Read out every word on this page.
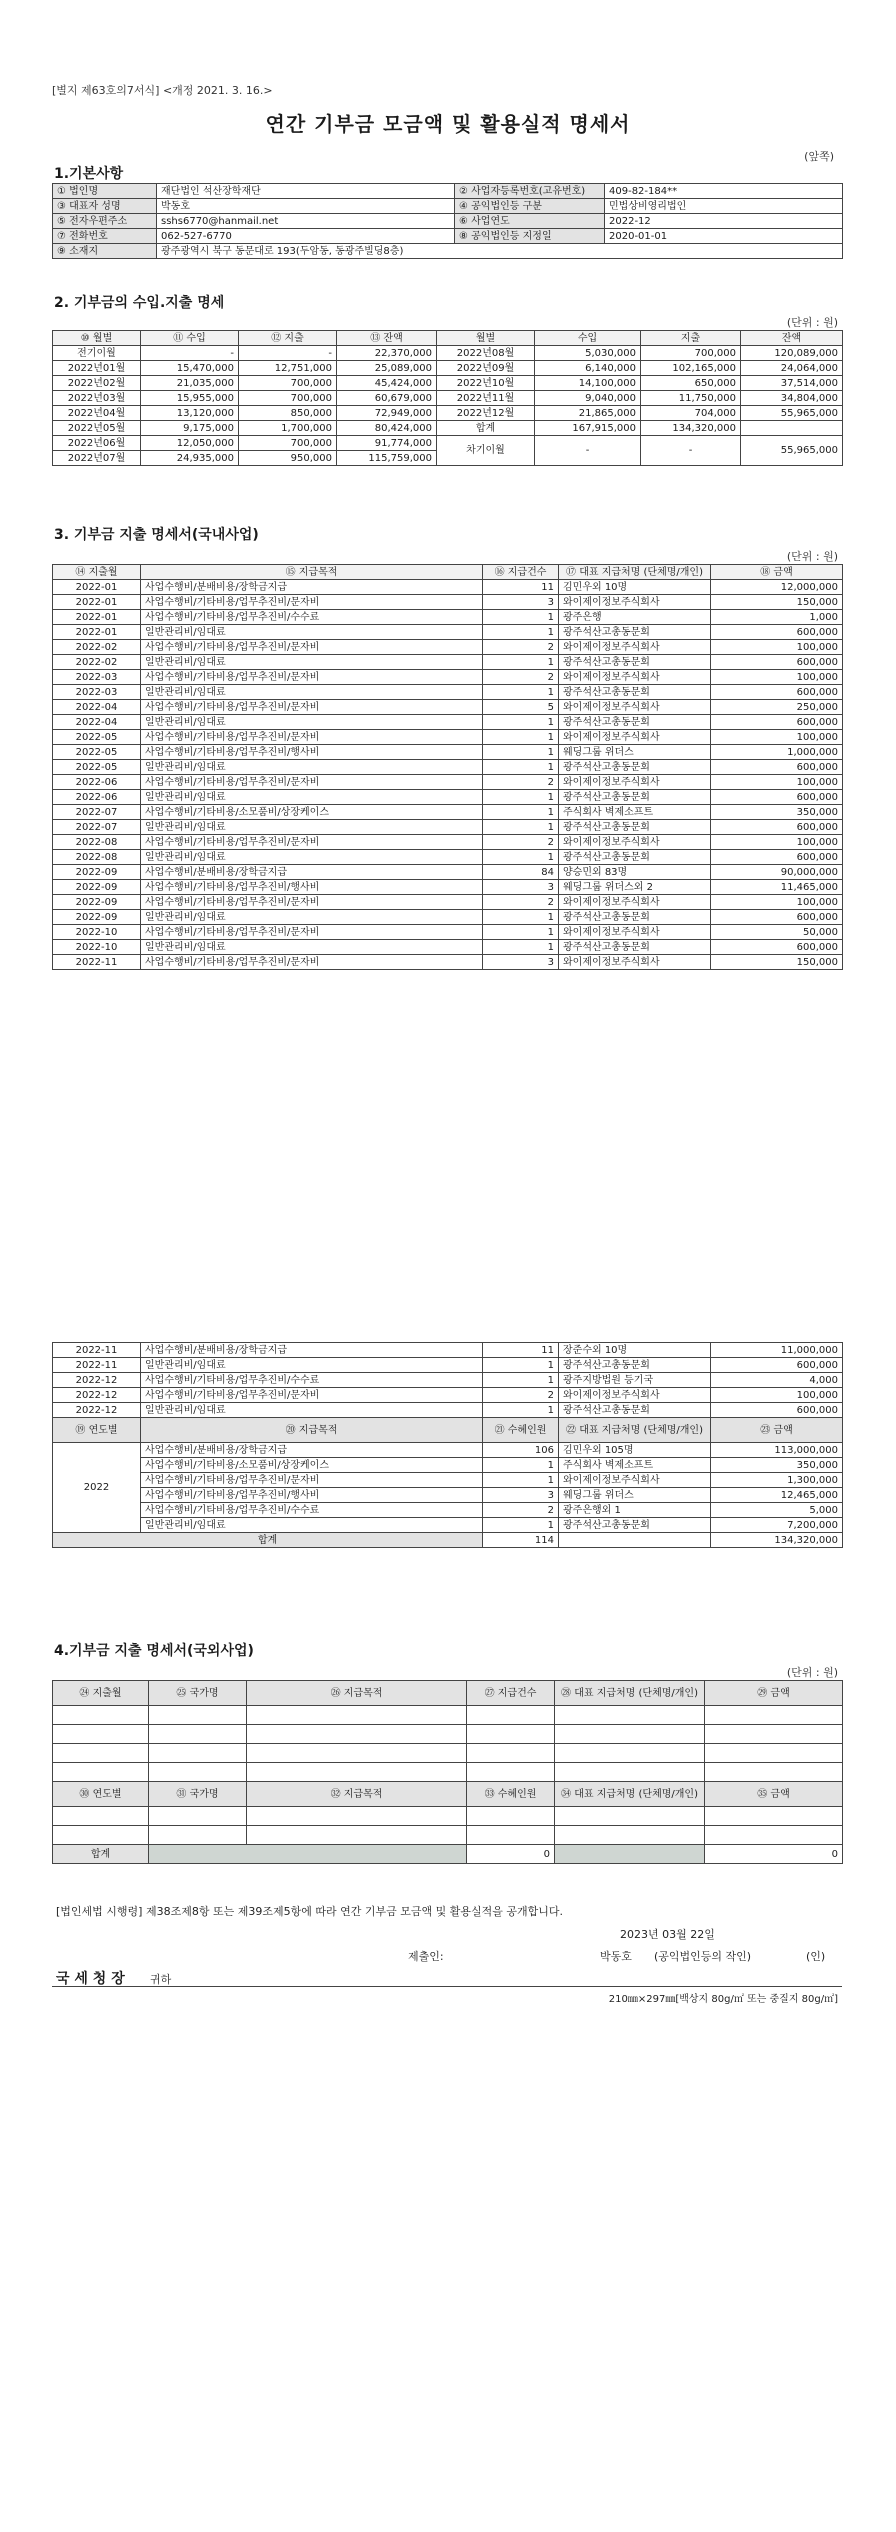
[별지 제63호의7서식] <개정 2021. 3. 16.>
연간 기부금 모금액 및 활용실적 명세서
(앞쪽)
1.기본사항
① 법인명	재단법인 석산장학재단	② 사업자등록번호(고유번호)	409-82-184**
③ 대표자 성명	박동호	④ 공익법인등 구분	민법상비영리법인
⑤ 전자우편주소	sshs6770@hanmail.net	⑥ 사업연도	2022-12
⑦ 전화번호	062-527-6770	⑧ 공익법인등 지정일	2020-01-01
⑨ 소재지	광주광역시 북구 동문대로 193(두암동, 동광주빌딩8층)		
2. 기부금의 수입.지출 명세
(단위 : 원)
⑩ 월별	⑪ 수입	⑫ 지출	⑬ 잔액	월별	수입	지출	잔액
전기이월	-	-	22,370,000	2022년08월	5,030,000	700,000	120,089,000
2022년01월	15,470,000	12,751,000	25,089,000	2022년09월	6,140,000	102,165,000	24,064,000
2022년02월	21,035,000	700,000	45,424,000	2022년10월	14,100,000	650,000	37,514,000
2022년03월	15,955,000	700,000	60,679,000	2022년11월	9,040,000	11,750,000	34,804,000
2022년04월	13,120,000	850,000	72,949,000	2022년12월	21,865,000	704,000	55,965,000
2022년05월	9,175,000	1,700,000	80,424,000	합계	167,915,000	134,320,000	
2022년06월	12,050,000	700,000	91,774,000	차기이월	-	-	55,965,000
2022년07월	24,935,000	950,000	115,759,000				
3. 기부금 지출 명세서(국내사업)
(단위 : 원)
⑭ 지출월	⑮ 지급목적	⑯ 지급건수	⑰ 대표 지급처명 (단체명/개인)	⑱ 금액
2022-01	사업수행비/분배비용/장학금지급	11	김민우외 10명	12,000,000
2022-01	사업수행비/기타비용/업무추진비/문자비	3	와이제이정보주식회사	150,000
2022-01	사업수행비/기타비용/업무추진비/수수료	1	광주은행	1,000
2022-01	일반관리비/임대료	1	광주석산고총동문회	600,000
2022-02	사업수행비/기타비용/업무추진비/문자비	2	와이제이정보주식회사	100,000
2022-02	일반관리비/임대료	1	광주석산고총동문회	600,000
2022-03	사업수행비/기타비용/업무추진비/문자비	2	와이제이정보주식회사	100,000
2022-03	일반관리비/임대료	1	광주석산고총동문회	600,000
2022-04	사업수행비/기타비용/업무추진비/문자비	5	와이제이정보주식회사	250,000
2022-04	일반관리비/임대료	1	광주석산고총동문회	600,000
2022-05	사업수행비/기타비용/업무추진비/문자비	1	와이제이정보주식회사	100,000
2022-05	사업수행비/기타비용/업무추진비/행사비	1	웨딩그룹 위더스	1,000,000
2022-05	일반관리비/임대료	1	광주석산고총동문회	600,000
2022-06	사업수행비/기타비용/업무추진비/문자비	2	와이제이정보주식회사	100,000
2022-06	일반관리비/임대료	1	광주석산고총동문회	600,000
2022-07	사업수행비/기타비용/소모품비/상장케이스	1	주식회사 벽제소프트	350,000
2022-07	일반관리비/임대료	1	광주석산고총동문회	600,000
2022-08	사업수행비/기타비용/업무추진비/문자비	2	와이제이정보주식회사	100,000
2022-08	일반관리비/임대료	1	광주석산고총동문회	600,000
2022-09	사업수행비/분배비용/장학금지급	84	양승민외 83명	90,000,000
2022-09	사업수행비/기타비용/업무추진비/행사비	3	웨딩그룹 위더스외 2	11,465,000
2022-09	사업수행비/기타비용/업무추진비/문자비	2	와이제이정보주식회사	100,000
2022-09	일반관리비/임대료	1	광주석산고총동문회	600,000
2022-10	사업수행비/기타비용/업무추진비/문자비	1	와이제이정보주식회사	50,000
2022-10	일반관리비/임대료	1	광주석산고총동문회	600,000
2022-11	사업수행비/기타비용/업무추진비/문자비	3	와이제이정보주식회사	150,000
2022-11	사업수행비/분배비용/장학금지급	11	장준수외 10명	11,000,000
2022-11	일반관리비/임대료	1	광주석산고총동문회	600,000
2022-12	사업수행비/기타비용/업무추진비/수수료	1	광주지방법원 등기국	4,000
2022-12	사업수행비/기타비용/업무추진비/문자비	2	와이제이정보주식회사	100,000
2022-12	일반관리비/임대료	1	광주석산고총동문회	600,000
⑲ 연도별	⑳ 지급목적	㉑ 수혜인원	㉒ 대표 지급처명 (단체명/개인)	㉓ 금액
2022	사업수행비/분배비용/장학금지급	106	김민우외 105명	113,000,000
	사업수행비/기타비용/소모품비/상장케이스	1	주식회사 벽제소프트	350,000
	사업수행비/기타비용/업무추진비/문자비	1	와이제이정보주식회사	1,300,000
	사업수행비/기타비용/업무추진비/행사비	3	웨딩그룹 위더스	12,465,000
	사업수행비/기타비용/업무추진비/수수료	2	광주은행외 1	5,000
	일반관리비/임대료	1	광주석산고총동문회	7,200,000
합계		114		134,320,000
4.기부금 지출 명세서(국외사업)
(단위 : 원)
㉔ 지출월	㉕ 국가명	㉖ 지급목적	㉗ 지급건수	㉘ 대표 지급처명 (단체명/개인)	㉙ 금액

㉚ 연도별	㉛ 국가명	㉜ 지급목적	㉝ 수혜인원	㉞ 대표 지급처명 (단체명/개인)	㉟ 금액

합계			0		0
[법인세법 시행령] 제38조제8항 또는 제39조제5항에 따라 연간 기부금 모금액 및 활용실적을 공개합니다.
2023년 03월 22일
제출인:	박동호 (공익법인등의 작인)	(인)
국 세 청 장 귀하
210㎜×297㎜[백상지 80g/㎡ 또는 중질지 80g/㎡]
